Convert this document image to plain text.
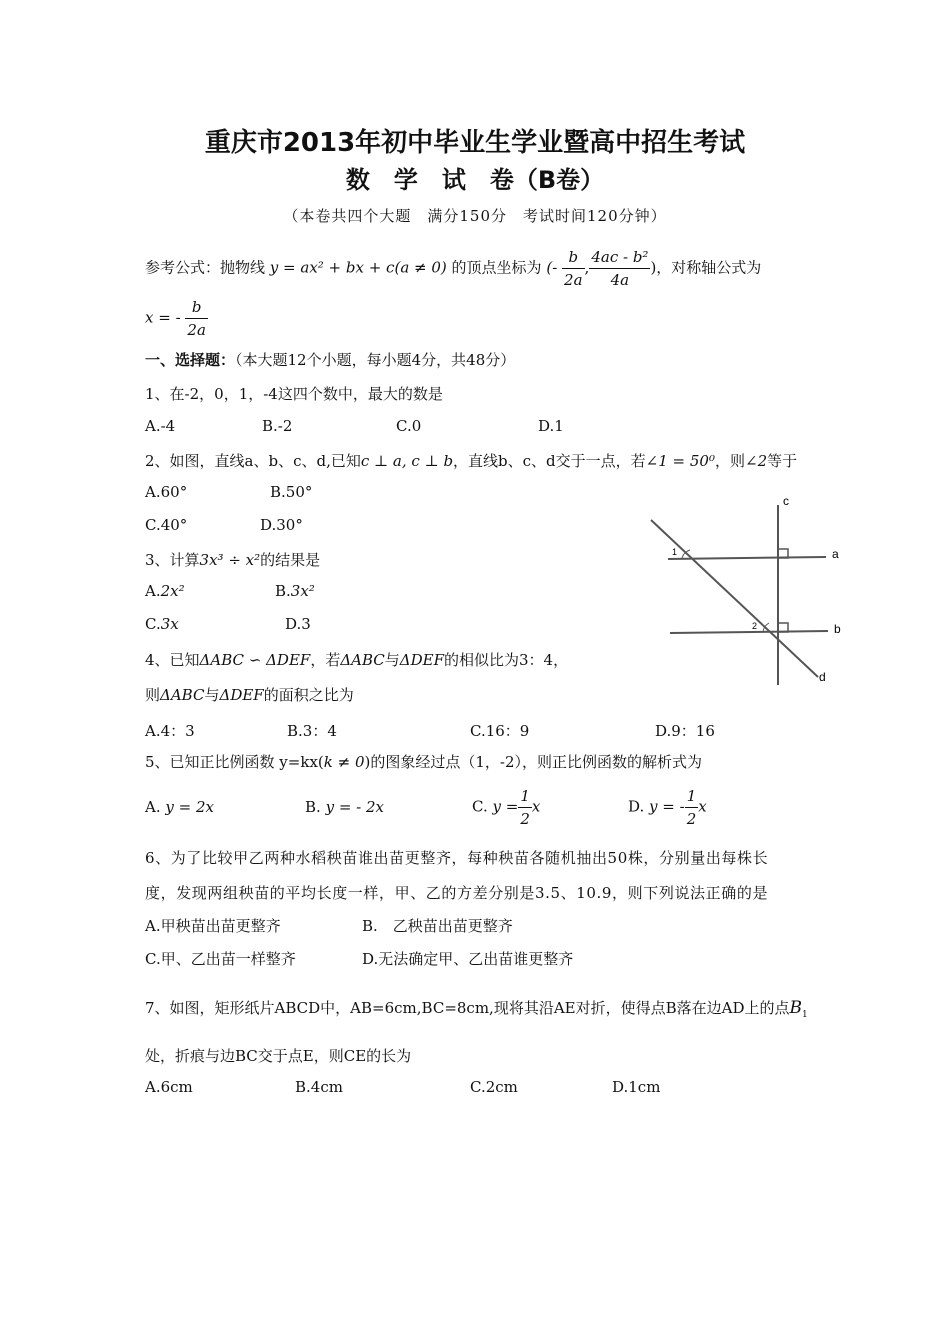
重庆市2013年初中毕业生学业暨高中招生考试
数　学　试　卷（B卷）
（本卷共四个大题　满分150分　考试时间120分钟）
参考公式：抛物线 y = ax² + bx + c(a ≠ 0) 的顶点坐标为 (- $\frac{b}{2a}$ , $\frac{\text{4ac - b²}}{4a}$ )，对称轴公式为
x = - $\frac{b}{2a}$
一、选择题：（本大题12个小题，每小题4分，共48分）
1、在-2，0，1，-4这四个数中，最大的数是
A.-4	B.-2	C.0	D.1
2、如图，直线a、b、c、d,已知c ⊥ a, c ⊥ b，直线b、c、d交于一点，若∠1 = 50⁰，则∠2等于
A.60°	B.50°
C.40°	D.30°
c
a
b
d
1
2
3、计算3x³ ÷ x²的结果是
A.2x²	B.3x²
C.3x	D.3
4、已知ΔABC ∽ ΔDEF，若ΔABC与ΔDEF的相似比为3：4，
则ΔABC与ΔDEF的面积之比为
A.4：3	B.3：4	C.16：9	D.9：16
5、已知正比例函数 y=kx(k ≠ 0)的图象经过点（1，-2），则正比例函数的解析式为
A. y = 2x	B. y = - 2x	C. $y = \frac{1}{2}$ x	D. y = - $\frac{1}{2}$ x
6、为了比较甲乙两种水稻秧苗谁出苗更整齐，每种秧苗各随机抽出50株，分别量出每株长
度，发现两组秧苗的平均长度一样，甲、乙的方差分别是3.5、10.9，则下列说法正确的是
A.甲秧苗出苗更整齐	B.　乙秧苗出苗更整齐
C.甲、乙出苗一样整齐	D.无法确定甲、乙出苗谁更整齐
7、如图，矩形纸片ABCD中，AB=6cm,BC=8cm,现将其沿AE对折，使得点B落在边AD上的点$B_1$
处，折痕与边BC交于点E，则CE的长为
A.6cm	B.4cm	C.2cm	D.1cm
